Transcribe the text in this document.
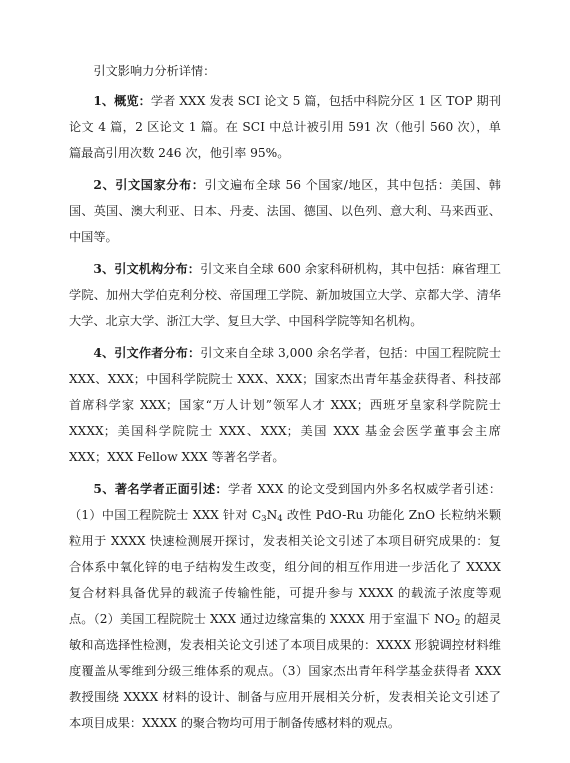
引文影响力分析详情：

1、概览：学者 XXX 发表 SCI 论文 5 篇，包括中科院分区 1 区 TOP 期刊论文 4 篇，2 区论文 1 篇。在 SCI 中总计被引用 591 次（他引 560 次），单篇最高引用次数 246 次，他引率 95%。

2、引文国家分布：引文遍布全球 56 个国家/地区，其中包括：美国、韩国、英国、澳大利亚、日本、丹麦、法国、德国、以色列、意大利、马来西亚、中国等。

3、引文机构分布：引文来自全球 600 余家科研机构，其中包括：麻省理工学院、加州大学伯克利分校、帝国理工学院、新加坡国立大学、京都大学、清华大学、北京大学、浙江大学、复旦大学、中国科学院等知名机构。

4、引文作者分布：引文来自全球 3,000 余名学者，包括：中国工程院院士 XXX、XXX；中国科学院院士 XXX、XXX；国家杰出青年基金获得者、科技部首席科学家 XXX；国家“万人计划”领军人才 XXX；西班牙皇家科学院院士 XXXX；美国科学院院士 XXX、XXX；美国 XXX 基金会医学董事会主席 XXX；XXX Fellow XXX 等著名学者。

5、著名学者正面引述：学者 XXX 的论文受到国内外多名权威学者引述：（1）中国工程院院士 XXX 针对 $C_3N_4$ 改性 PdO-Ru 功能化 ZnO 长粒纳米颗粒用于 XXXX 快速检测展开探讨，发表相关论文引述了本项目研究成果的：复合体系中氧化锌的电子结构发生改变，组分间的相互作用进一步活化了 XXXX 复合材料具备优异的载流子传输性能，可提升参与 XXXX 的载流子浓度等观点。（2）美国工程院院士 XXX 通过边缘富集的 XXXX 用于室温下 $NO_2$ 的超灵敏和高选择性检测，发表相关论文引述了本项目成果的：XXXX 形貌调控材料维度覆盖从零维到分级三维体系的观点。（3）国家杰出青年科学基金获得者 XXX 教授围绕 XXXX 材料的设计、制备与应用开展相关分析，发表相关论文引述了本项目成果：XXXX 的聚合物均可用于制备传感材料的观点。
